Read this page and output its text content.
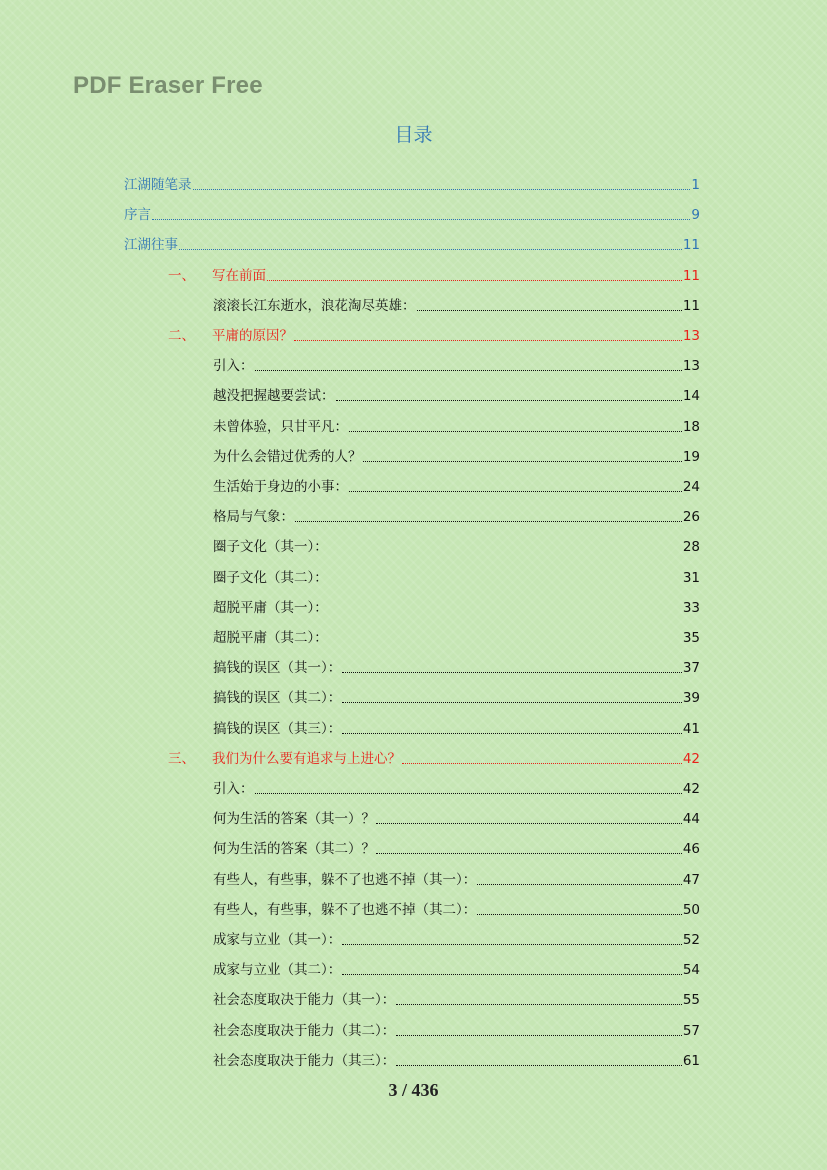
PDF Eraser Free
目录
江湖随笔录	1
序言	9
江湖往事	11
一、	写在前面	11
滚滚长江东逝水，浪花淘尽英雄：	11
二、	平庸的原因？	13
引入：	13
越没把握越要尝试：	14
未曾体验，只甘平凡：	18
为什么会错过优秀的人？	19
生活始于身边的小事：	24
格局与气象：	26
圈子文化（其一）：	28
圈子文化（其二）：	31
超脱平庸（其一）：	33
超脱平庸（其二）：	35
搞钱的误区（其一）：	37
搞钱的误区（其二）：	39
搞钱的误区（其三）：	41
三、	我们为什么要有追求与上进心？	42
引入：	42
何为生活的答案（其一）？	44
何为生活的答案（其二）？	46
有些人，有些事，躲不了也逃不掉（其一）：	47
有些人，有些事，躲不了也逃不掉（其二）：	50
成家与立业（其一）：	52
成家与立业（其二）：	54
社会态度取决于能力（其一）：	55
社会态度取决于能力（其二）：	57
社会态度取决于能力（其三）：	61
3 / 436
